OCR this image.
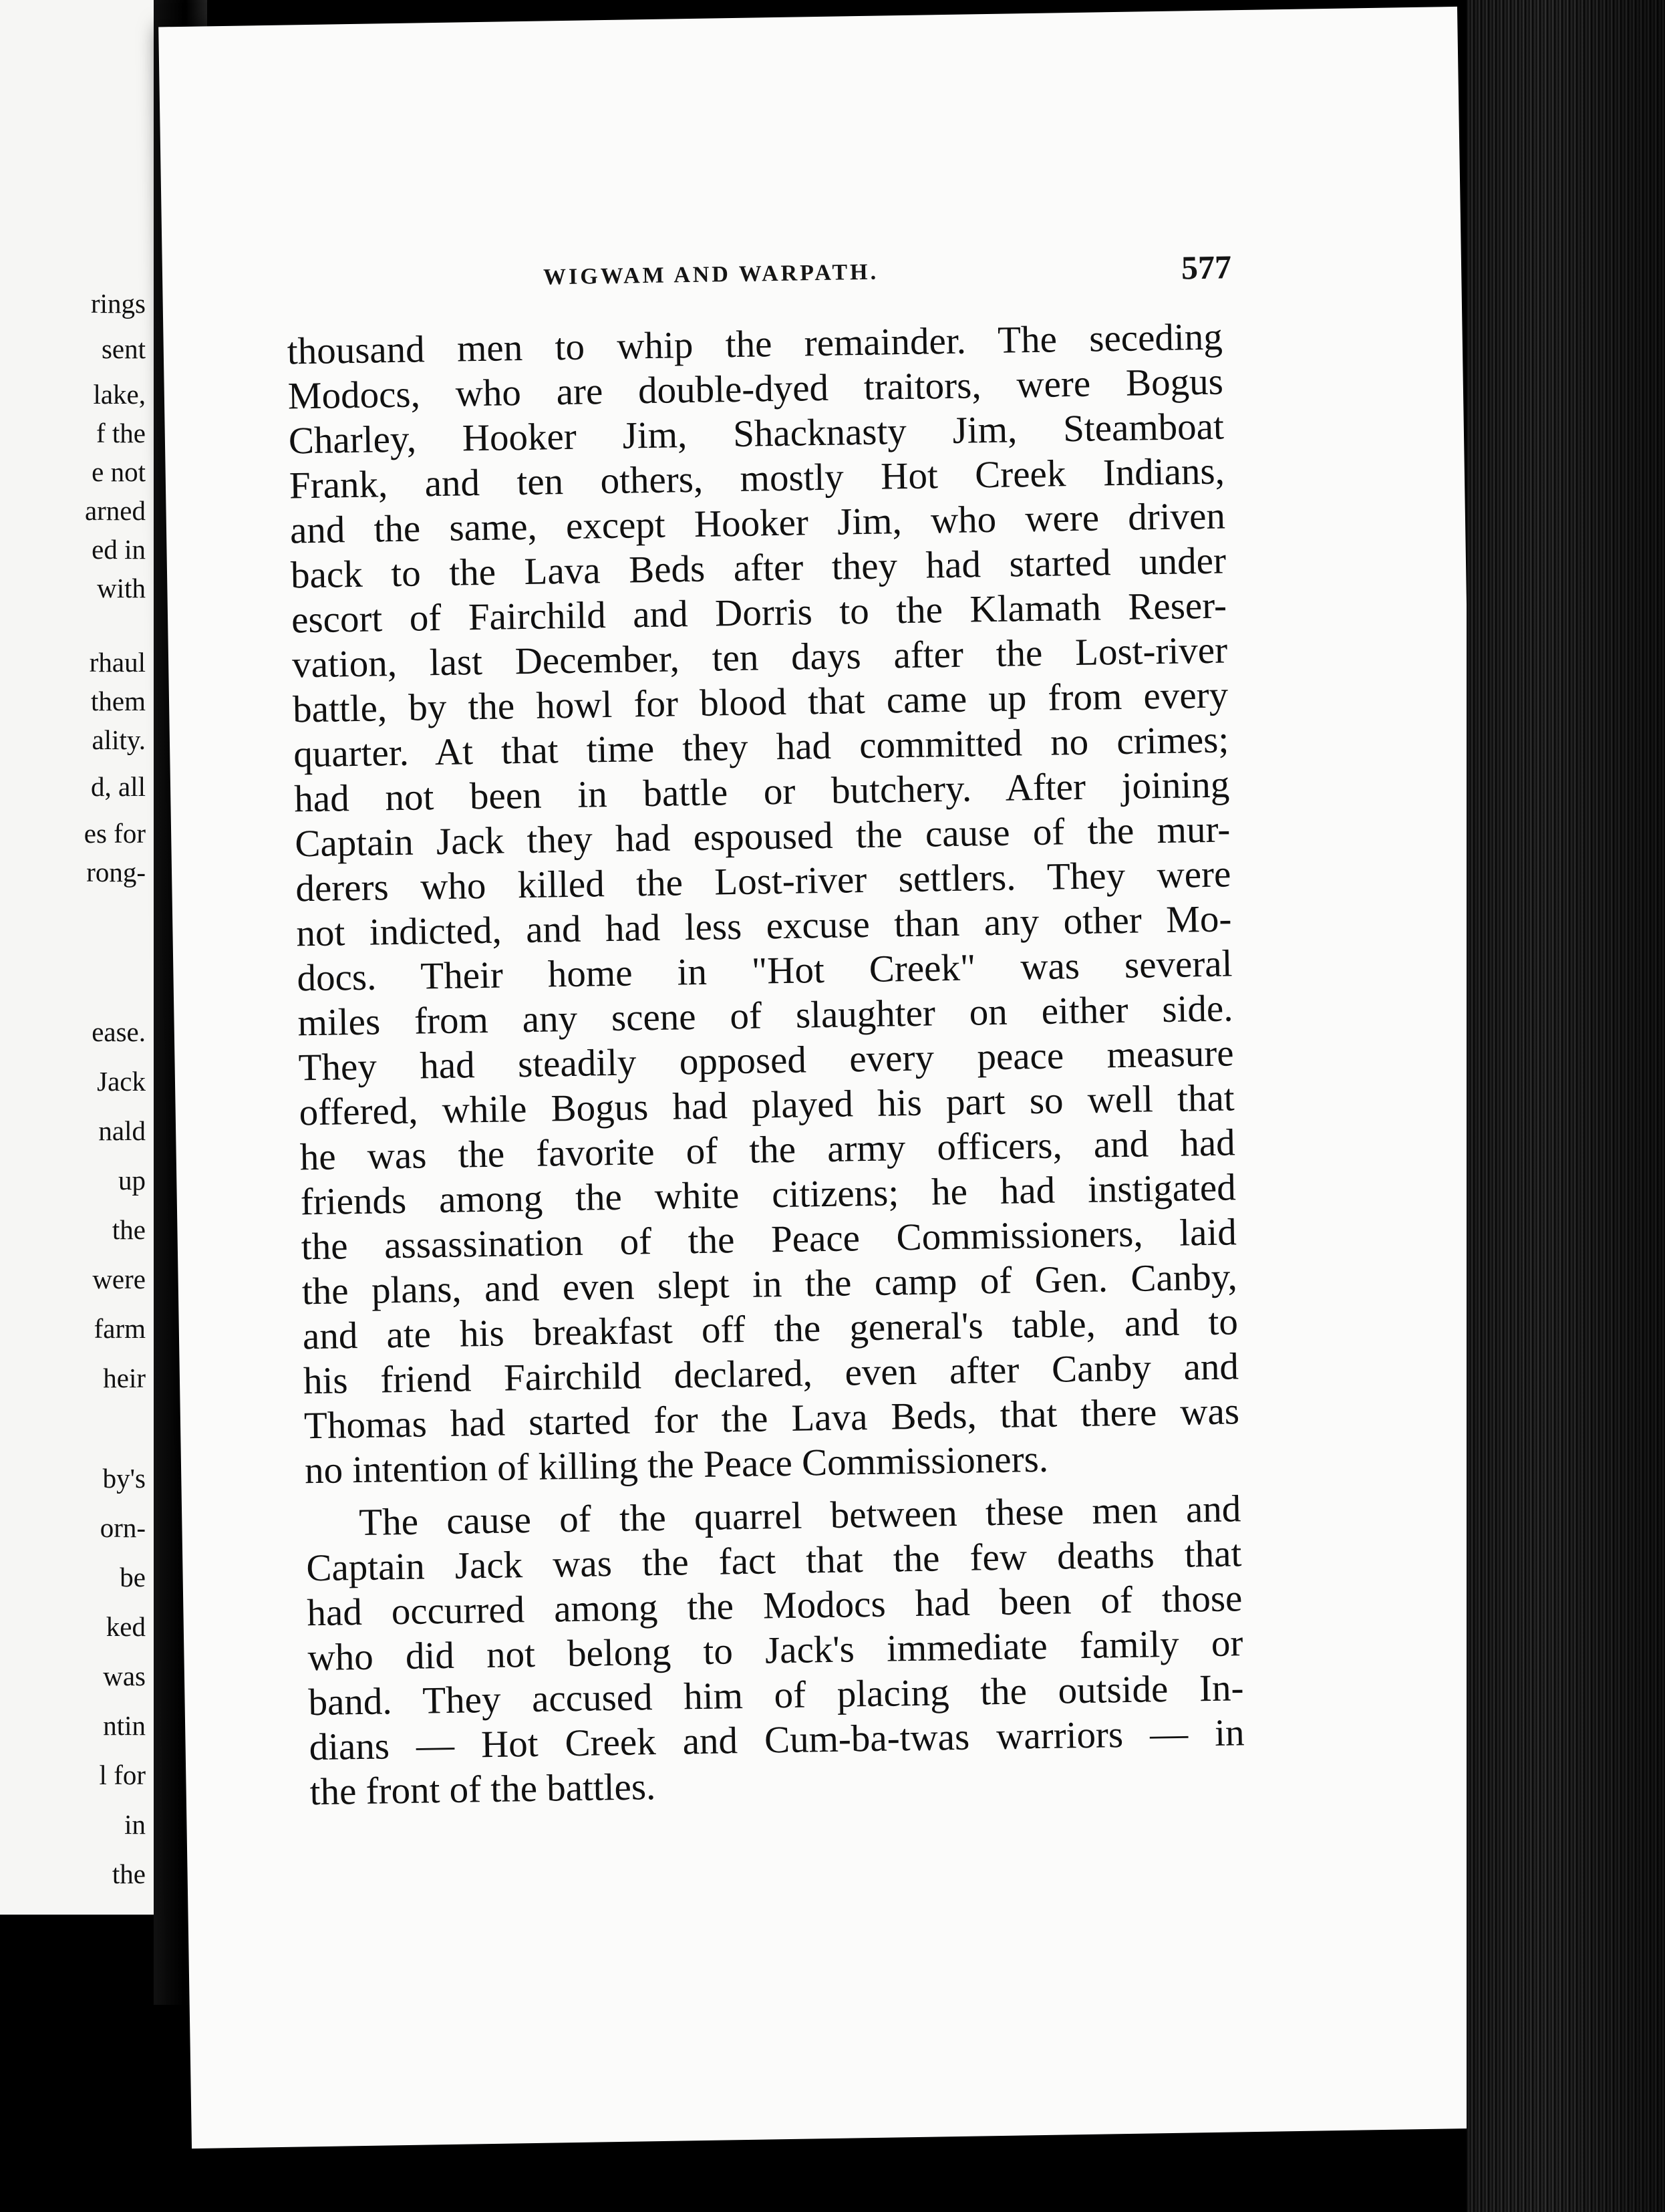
rings
sent
lake,
f the
e not
arned
ed in
with
rhaul
them
ality.
d, all
es for
rong-
ease.
Jack
nald
up
the
were
farm
heir
by's
orn-
be
ked
was
ntin
l for
in
the
WIGWAM AND WARPATH.	577
thousand men to whip the remainder. The seceding
Modocs, who are double-dyed traitors, were Bogus
Charley, Hooker Jim, Shacknasty Jim, Steamboat
Frank, and ten others, mostly Hot Creek Indians,
and the same, except Hooker Jim, who were driven
back to the Lava Beds after they had started under
escort of Fairchild and Dorris to the Klamath Reser-
vation, last December, ten days after the Lost-river
battle, by the howl for blood that came up from every
quarter. At that time they had committed no crimes;
had not been in battle or butchery. After joining
Captain Jack they had espoused the cause of the mur-
derers who killed the Lost-river settlers. They were
not indicted, and had less excuse than any other Mo-
docs. Their home in "Hot Creek" was several
miles from any scene of slaughter on either side.
They had steadily opposed every peace measure
offered, while Bogus had played his part so well that
he was the favorite of the army officers, and had
friends among the white citizens; he had instigated
the assassination of the Peace Commissioners, laid
the plans, and even slept in the camp of Gen. Canby,
and ate his breakfast off the general's table, and to
his friend Fairchild declared, even after Canby and
Thomas had started for the Lava Beds, that there was
no intention of killing the Peace Commissioners.
The cause of the quarrel between these men and
Captain Jack was the fact that the few deaths that
had occurred among the Modocs had been of those
who did not belong to Jack's immediate family or
band. They accused him of placing the outside In-
dians — Hot Creek and Cum-ba-twas warriors — in
the front of the battles.
